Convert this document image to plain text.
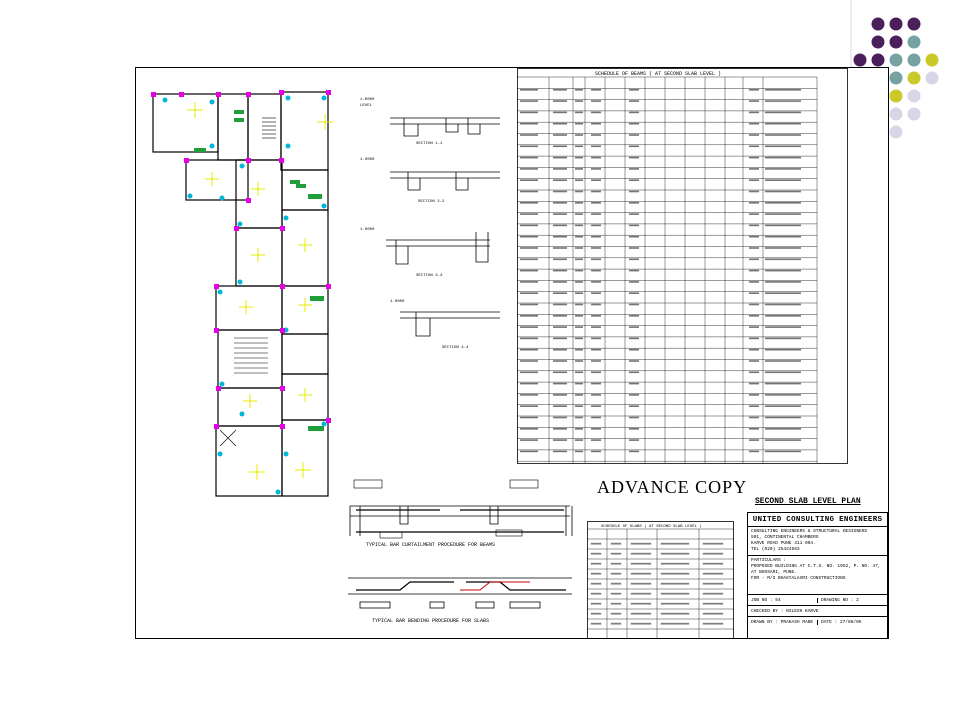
1.0000
LEVEL
1.0000
1.0000
1.0000
SECTION 1-1
SECTION 2-2
SECTION 3-3
SECTION 4-4
SCHEDULE OF BEAMS ( AT SECOND SLAB LEVEL )
TYPICAL BAR CURTAILMENT PROCEDURE FOR BEAMS
TYPICAL BAR BENDING PROCEDURE FOR SLABS
SCHEDULE OF SLABS ( AT SECOND SLAB LEVEL )
ADVANCE COPY
SECOND SLAB LEVEL PLAN
UNITED CONSULTING ENGINEERS
CONSULTING ENGINEERS & STRUCTURAL DESIGNERS
501, CONTINENTAL CHAMBERS
KARVE ROAD PUNE 411 004.
TEL (020) 25424563
PARTICULARS :
PROPOSED BUILDING AT C.T.S. NO. 1952, P. NO. 47,
AT BHOSARI, PUNE.
FOR - M/S BHAGYALAXMI CONSTRUCTIONS
JOB NO : 54	DRAWING NO : 2
CHECKED BY : NILESH KARVE
DRAWN BY : PRAKASH MANE	DATE : 27/08/05
